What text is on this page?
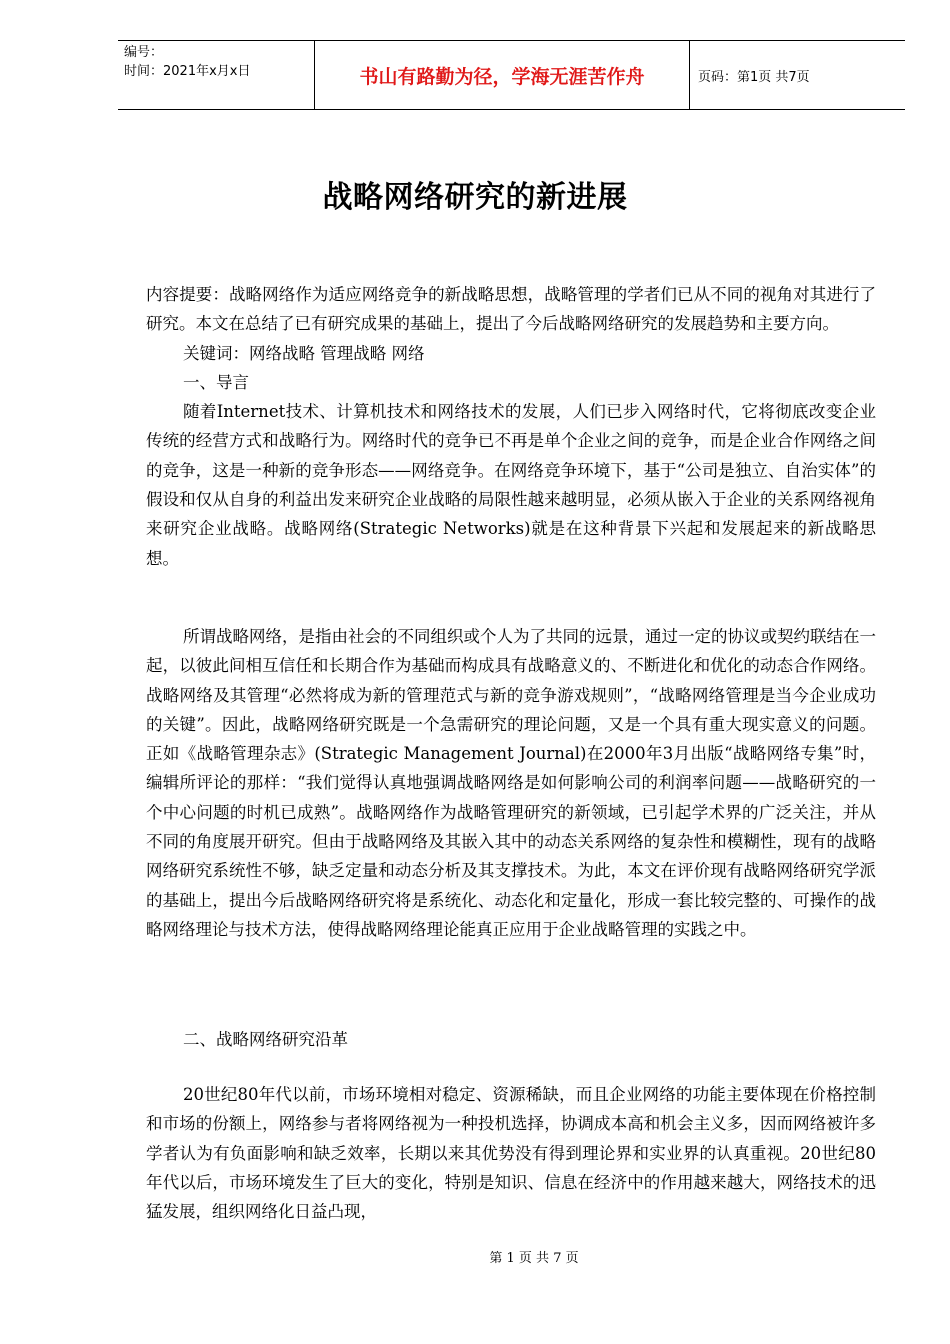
编号：
时间：2021年x月x日	书山有路勤为径，学海无涯苦作舟	页码：第1页 共7页
战略网络研究的新进展

内容提要：战略网络作为适应网络竞争的新战略思想，战略管理的学者们已从不同的视角对其进行了研究。本文在总结了已有研究成果的基础上，提出了今后战略网络研究的发展趋势和主要方向。

关键词：网络战略 管理战略 网络

一、导言

随着Internet技术、计算机技术和网络技术的发展，人们已步入网络时代，它将彻底改变企业传统的经营方式和战略行为。网络时代的竞争已不再是单个企业之间的竞争，而是企业合作网络之间的竞争，这是一种新的竞争形态——网络竞争。在网络竞争环境下，基于“公司是独立、自治实体”的假设和仅从自身的利益出发来研究企业战略的局限性越来越明显，必须从嵌入于企业的关系网络视角来研究企业战略。战略网络(Strategic Networks)就是在这种背景下兴起和发展起来的新战略思想。

所谓战略网络，是指由社会的不同组织或个人为了共同的远景，通过一定的协议或契约联结在一起，以彼此间相互信任和长期合作为基础而构成具有战略意义的、不断进化和优化的动态合作网络。战略网络及其管理“必然将成为新的管理范式与新的竞争游戏规则”，“战略网络管理是当今企业成功的关键”。因此，战略网络研究既是一个急需研究的理论问题，又是一个具有重大现实意义的问题。正如《战略管理杂志》(Strategic Management Journal)在2000年3月出版“战略网络专集”时，编辑所评论的那样：“我们觉得认真地强调战略网络是如何影响公司的利润率问题——战略研究的一个中心问题的时机已成熟”。战略网络作为战略管理研究的新领域，已引起学术界的广泛关注，并从不同的角度展开研究。但由于战略网络及其嵌入其中的动态关系网络的复杂性和模糊性，现有的战略网络研究系统性不够，缺乏定量和动态分析及其支撑技术。为此，本文在评价现有战略网络研究学派的基础上，提出今后战略网络研究将是系统化、动态化和定量化，形成一套比较完整的、可操作的战略网络理论与技术方法，使得战略网络理论能真正应用于企业战略管理的实践之中。

二、战略网络研究沿革

20世纪80年代以前，市场环境相对稳定、资源稀缺，而且企业网络的功能主要体现在价格控制和市场的份额上，网络参与者将网络视为一种投机选择，协调成本高和机会主义多，因而网络被许多学者认为有负面影响和缺乏效率，长期以来其优势没有得到理论界和实业界的认真重视。20世纪80年代以后，市场环境发生了巨大的变化，特别是知识、信息在经济中的作用越来越大，网络技术的迅猛发展，组织网络化日益凸现，

第 1 页 共 7 页
